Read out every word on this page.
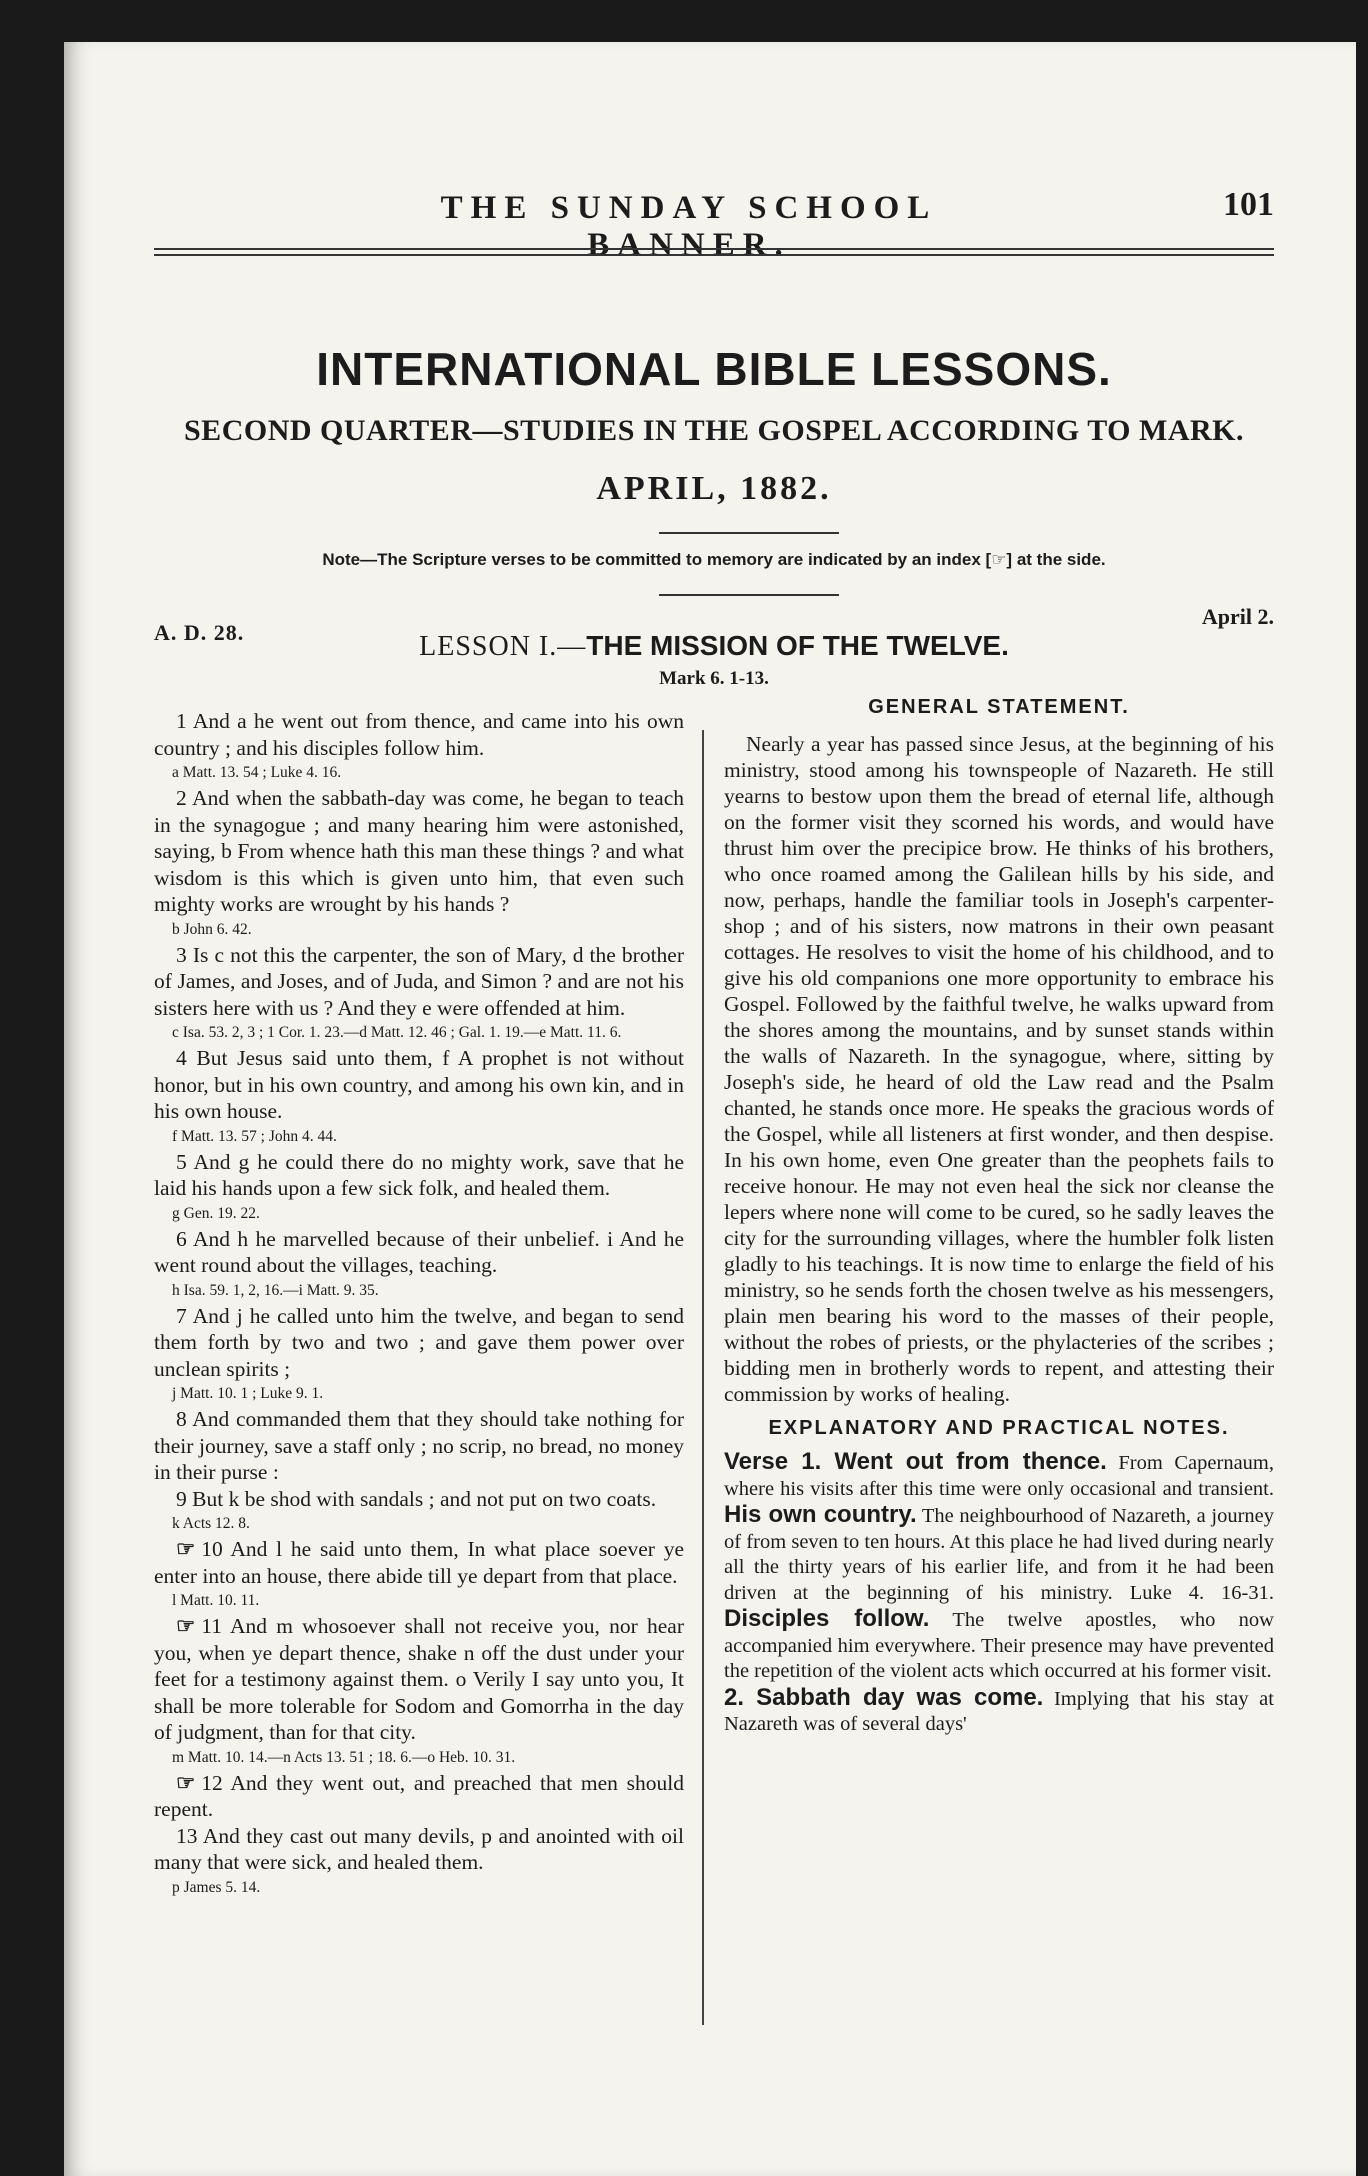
THE SUNDAY SCHOOL BANNER.
101
INTERNATIONAL BIBLE LESSONS.
SECOND QUARTER—STUDIES IN THE GOSPEL ACCORDING TO MARK.
APRIL, 1882.
Note—The Scripture verses to be committed to memory are indicated by an index [☞] at the side.
A. D. 28.
April 2.
LESSON I.—THE MISSION OF THE TWELVE.
Mark 6. 1-13.

1 And a he went out from thence, and came into his own country ; and his disciples follow him.

a Matt. 13. 54 ; Luke 4. 16.

2 And when the sabbath-day was come, he began to teach in the synagogue ; and many hearing him were astonished, saying, b From whence hath this man these things ? and what wisdom is this which is given unto him, that even such mighty works are wrought by his hands ?

b John 6. 42.

3 Is c not this the carpenter, the son of Mary, d the brother of James, and Joses, and of Juda, and Simon ? and are not his sisters here with us ? And they e were offended at him.

c Isa. 53. 2, 3 ; 1 Cor. 1. 23.—d Matt. 12. 46 ; Gal. 1. 19.—e Matt. 11. 6.

4 But Jesus said unto them, f A prophet is not without honor, but in his own country, and among his own kin, and in his own house.

f Matt. 13. 57 ; John 4. 44.

5 And g he could there do no mighty work, save that he laid his hands upon a few sick folk, and healed them.

g Gen. 19. 22.

6 And h he marvelled because of their unbelief. i And he went round about the villages, teaching.

h Isa. 59. 1, 2, 16.—i Matt. 9. 35.

7 And j he called unto him the twelve, and began to send them forth by two and two ; and gave them power over unclean spirits ;

j Matt. 10. 1 ; Luke 9. 1.

8 And commanded them that they should take nothing for their journey, save a staff only ; no scrip, no bread, no money in their purse :

9 But k be shod with sandals ; and not put on two coats.

k Acts 12. 8.

☞ 10 And l he said unto them, In what place soever ye enter into an house, there abide till ye depart from that place.

l Matt. 10. 11.

☞ 11 And m whosoever shall not receive you, nor hear you, when ye depart thence, shake n off the dust under your feet for a testimony against them. o Verily I say unto you, It shall be more tolerable for Sodom and Gomorrha in the day of judgment, than for that city.

m Matt. 10. 14.—n Acts 13. 51 ; 18. 6.—o Heb. 10. 31.

☞ 12 And they went out, and preached that men should repent.

13 And they cast out many devils, p and anointed with oil many that were sick, and healed them.

p James 5. 14.
GENERAL STATEMENT.

Nearly a year has passed since Jesus, at the beginning of his ministry, stood among his townspeople of Nazareth. He still yearns to bestow upon them the bread of eternal life, although on the former visit they scorned his words, and would have thrust him over the precipice brow. He thinks of his brothers, who once roamed among the Galilean hills by his side, and now, perhaps, handle the familiar tools in Joseph's carpenter-shop ; and of his sisters, now matrons in their own peasant cottages. He resolves to visit the home of his childhood, and to give his old companions one more opportunity to embrace his Gospel. Followed by the faithful twelve, he walks upward from the shores among the mountains, and by sunset stands within the walls of Nazareth. In the synagogue, where, sitting by Joseph's side, he heard of old the Law read and the Psalm chanted, he stands once more. He speaks the gracious words of the Gospel, while all listeners at first wonder, and then despise. In his own home, even One greater than the peophets fails to receive honour. He may not even heal the sick nor cleanse the lepers where none will come to be cured, so he sadly leaves the city for the surrounding villages, where the humbler folk listen gladly to his teachings. It is now time to enlarge the field of his ministry, so he sends forth the chosen twelve as his messengers, plain men bearing his word to the masses of their people, without the robes of priests, or the phylacteries of the scribes ; bidding men in brotherly words to repent, and attesting their commission by works of healing.

EXPLANATORY AND PRACTICAL NOTES.

Verse 1. Went out from thence. From Capernaum, where his visits after this time were only occasional and transient. His own country. The neighbourhood of Nazareth, a journey of from seven to ten hours. At this place he had lived during nearly all the thirty years of his earlier life, and from it he had been driven at the beginning of his ministry. Luke 4. 16-31. Disciples follow. The twelve apostles, who now accompanied him everywhere. Their presence may have prevented the repetition of the violent acts which occurred at his former visit.

2. Sabbath day was come. Implying that his stay at Nazareth was of several days'
